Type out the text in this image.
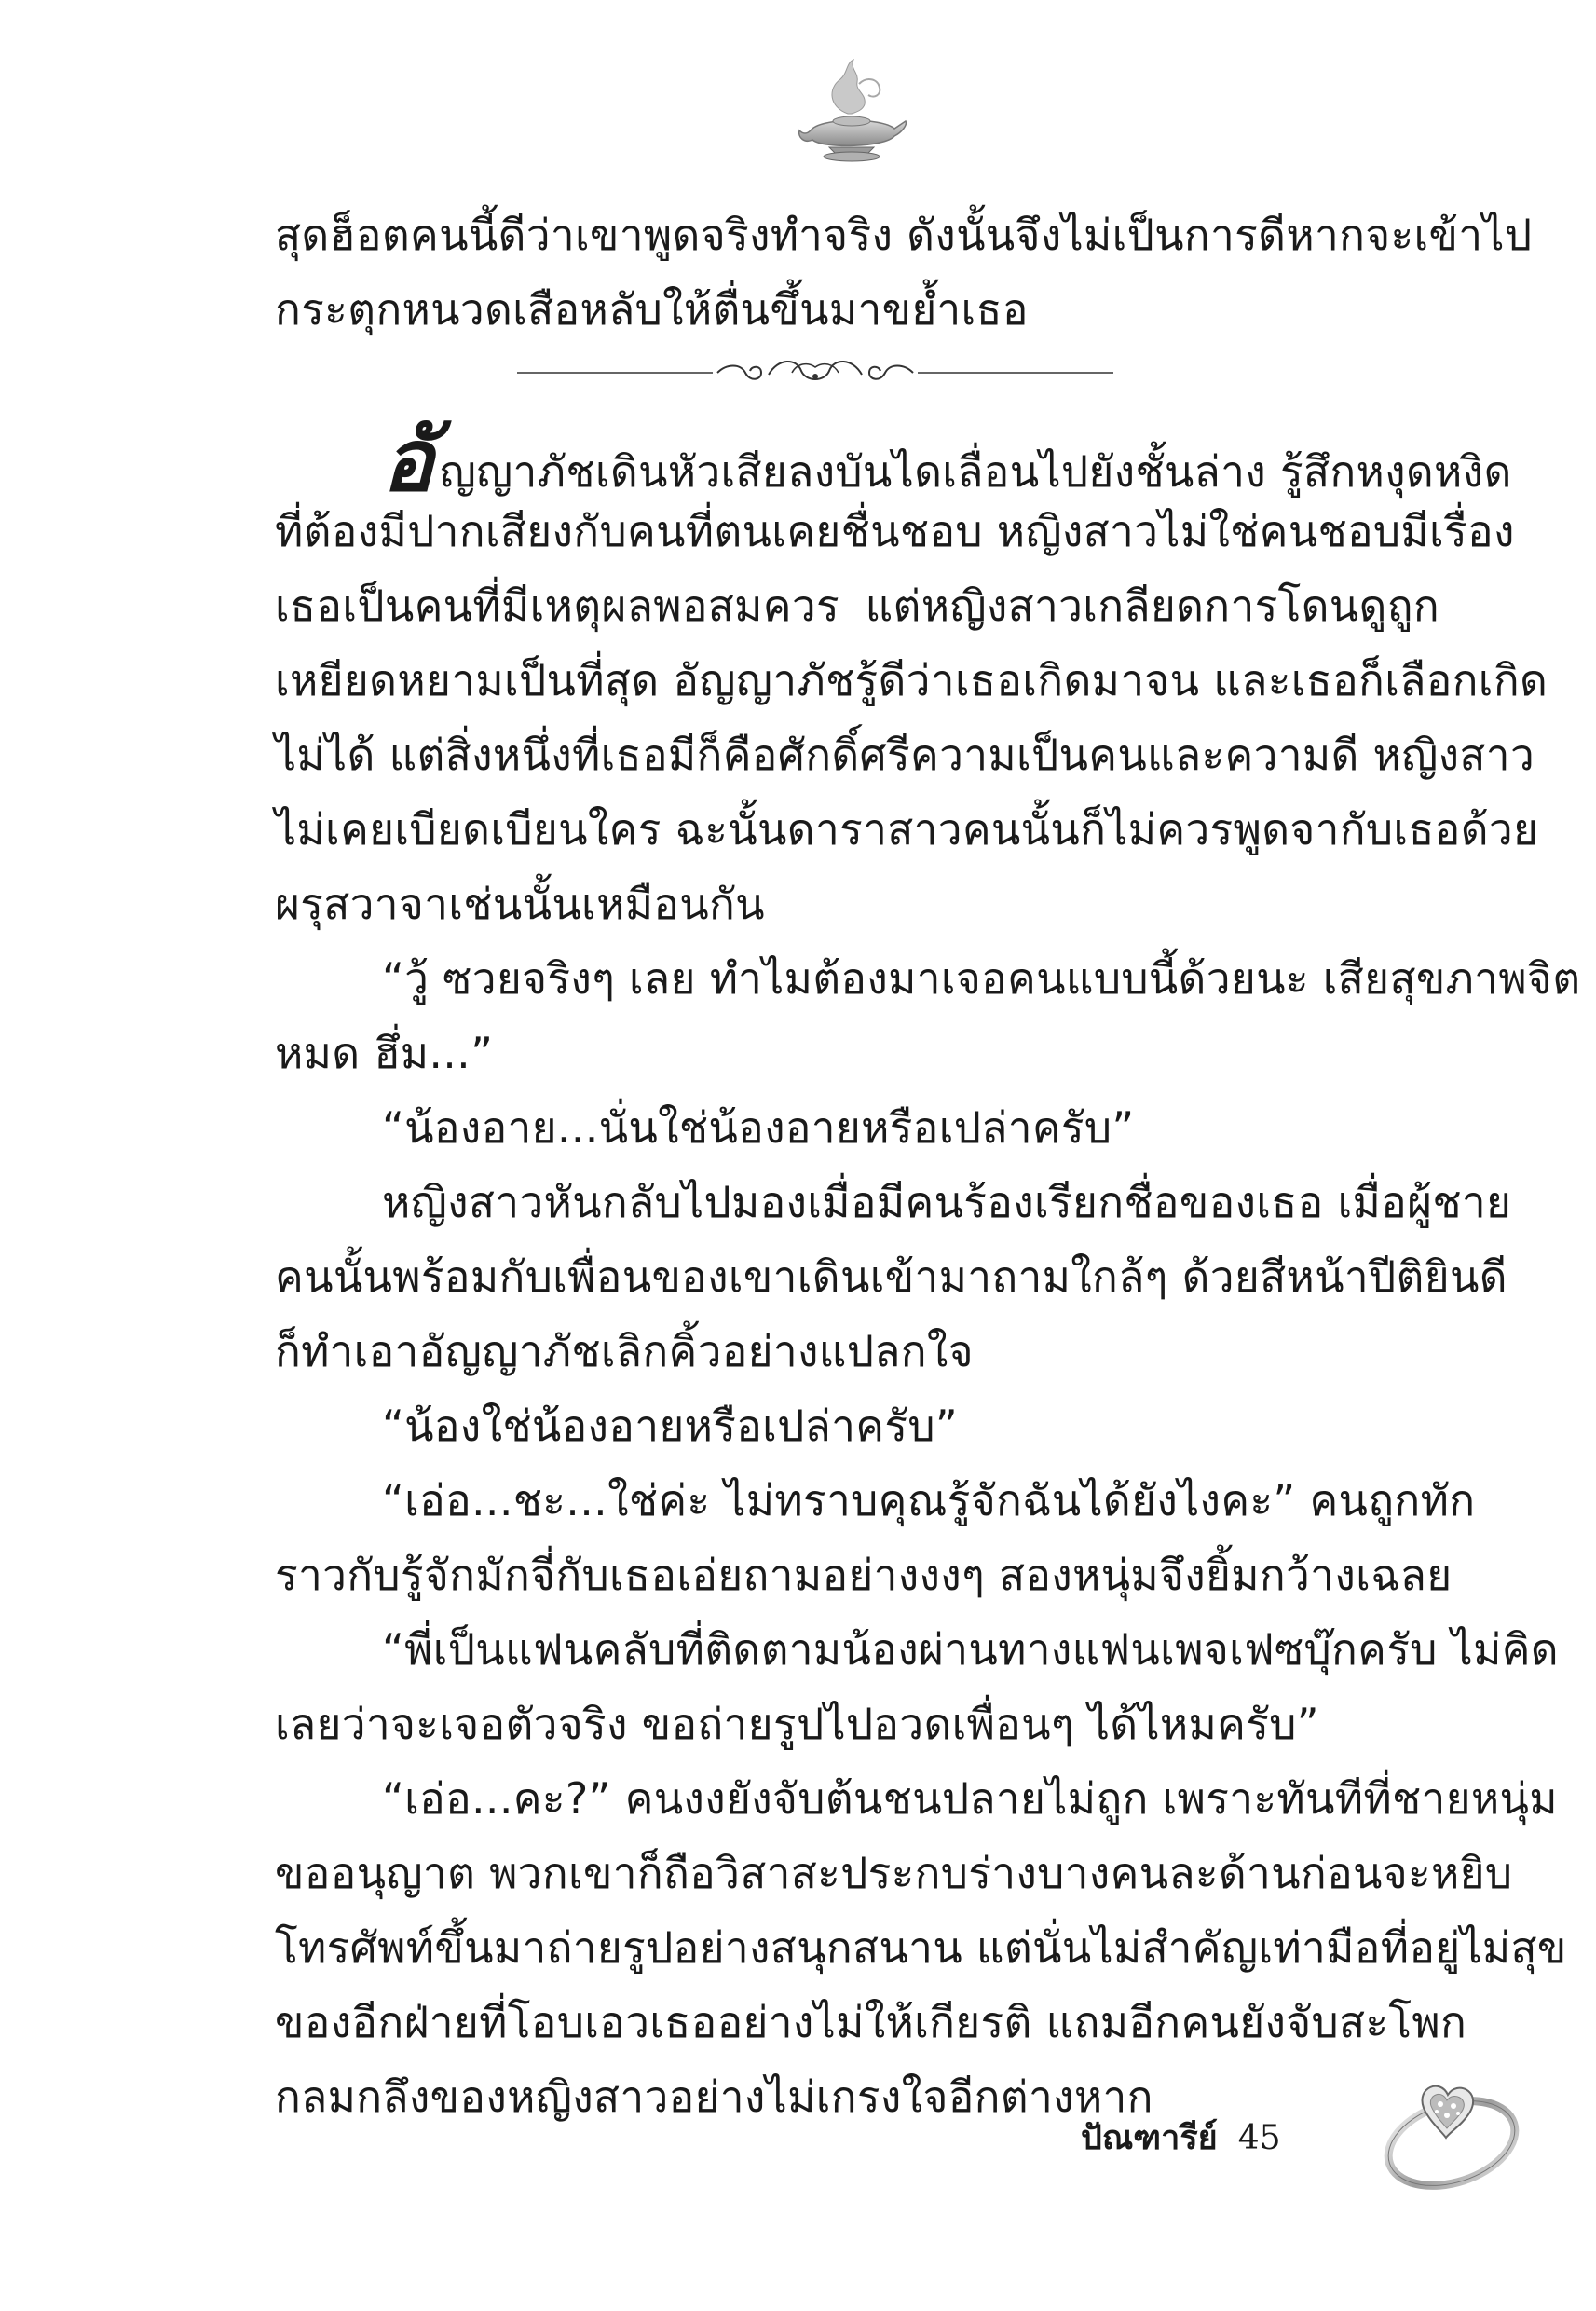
สุดฮ็อตคนนี้ดีว่าเขาพูดจริงทำจริง ดังนั้นจึงไม่เป็นการดีหากจะเข้าไป
กระตุกหนวดเสือหลับให้ตื่นขึ้นมาขย้ำเธอ
อัญญาภัชเดินหัวเสียลงบันไดเลื่อนไปยังชั้นล่าง รู้สึกหงุดหงิด
ที่ต้องมีปากเสียงกับคนที่ตนเคยชื่นชอบ หญิงสาวไม่ใช่คนชอบมีเรื่อง
เธอเป็นคนที่มีเหตุผลพอสมควร แต่หญิงสาวเกลียดการโดนดูถูก
เหยียดหยามเป็นที่สุด อัญญาภัชรู้ดีว่าเธอเกิดมาจน และเธอก็เลือกเกิด
ไม่ได้ แต่สิ่งหนึ่งที่เธอมีก็คือศักดิ์ศรีความเป็นคนและความดี หญิงสาว
ไม่เคยเบียดเบียนใคร ฉะนั้นดาราสาวคนนั้นก็ไม่ควรพูดจากับเธอด้วย
ผรุสวาจาเช่นนั้นเหมือนกัน
“วู้ ซวยจริงๆ เลย ทำไมต้องมาเจอคนแบบนี้ด้วยนะ เสียสุขภาพจิต
หมด ฮึ่ม...”
“น้องอาย...นั่นใช่น้องอายหรือเปล่าครับ”
หญิงสาวหันกลับไปมองเมื่อมีคนร้องเรียกชื่อของเธอ เมื่อผู้ชาย
คนนั้นพร้อมกับเพื่อนของเขาเดินเข้ามาถามใกล้ๆ ด้วยสีหน้าปีติยินดี
ก็ทำเอาอัญญาภัชเลิกคิ้วอย่างแปลกใจ
“น้องใช่น้องอายหรือเปล่าครับ”
“เอ่อ...ชะ...ใช่ค่ะ ไม่ทราบคุณรู้จักฉันได้ยังไงคะ” คนถูกทัก
ราวกับรู้จักมักจี่กับเธอเอ่ยถามอย่างงงๆ สองหนุ่มจึงยิ้มกว้างเฉลย
“พี่เป็นแฟนคลับที่ติดตามน้องผ่านทางแฟนเพจเฟซบุ๊กครับ ไม่คิด
เลยว่าจะเจอตัวจริง ขอถ่ายรูปไปอวดเพื่อนๆ ได้ไหมครับ”
“เอ่อ...คะ?” คนงงยังจับต้นชนปลายไม่ถูก เพราะทันทีที่ชายหนุ่ม
ขออนุญาต พวกเขาก็ถือวิสาสะประกบร่างบางคนละด้านก่อนจะหยิบ
โทรศัพท์ขึ้นมาถ่ายรูปอย่างสนุกสนาน แต่นั่นไม่สำคัญเท่ามือที่อยู่ไม่สุข
ของอีกฝ่ายที่โอบเอวเธออย่างไม่ให้เกียรติ แถมอีกคนยังจับสะโพก
กลมกลึงของหญิงสาวอย่างไม่เกรงใจอีกต่างหาก
ปัณฑารีย์ 45
